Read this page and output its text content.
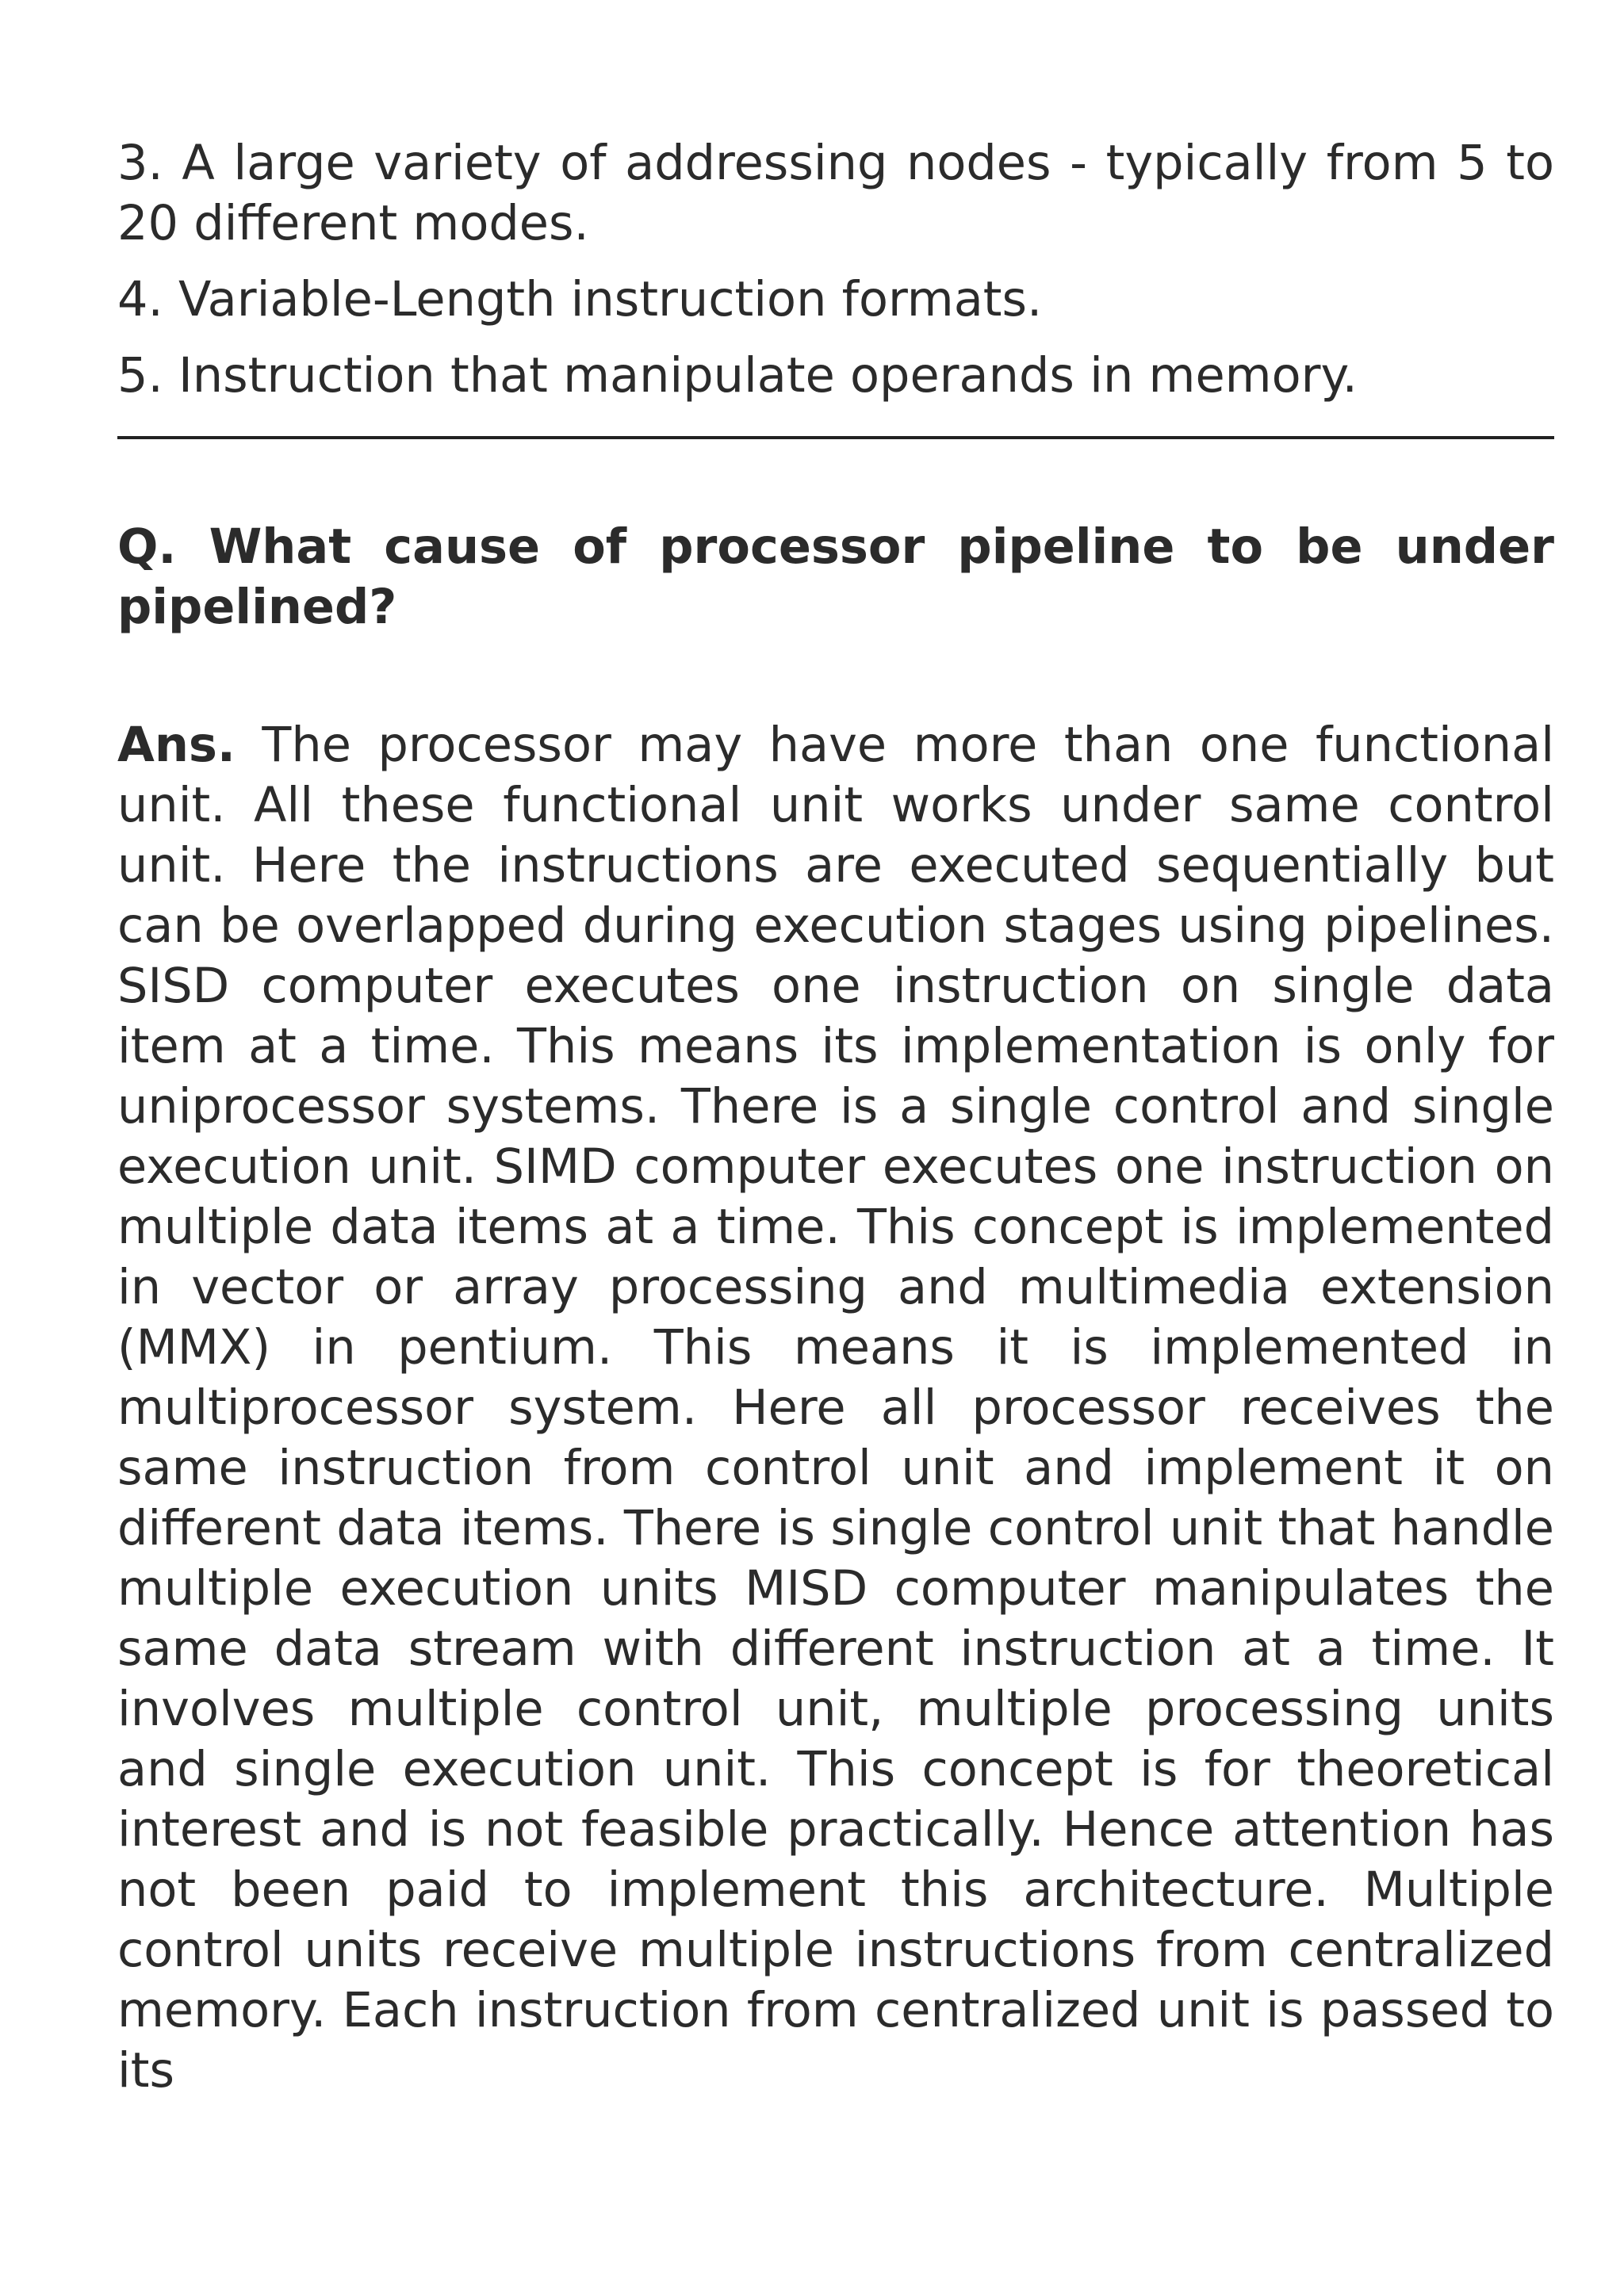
3. A large variety of addressing nodes - typically from 5 to 20 different modes.
4. Variable-Length instruction formats.
5. Instruction that manipulate operands in memory.
Q. What cause of processor pipeline to be under pipelined?
Ans. The processor may have more than one functional unit. All these functional unit works under same control unit. Here the instructions are executed sequentially but can be overlapped during execution stages using pipelines. SISD computer executes one instruction on single data item at a time. This means its implementation is only for uniprocessor systems. There is a single control and single execution unit. SIMD computer executes one instruction on multiple data items at a time. This concept is implemented in vector or array processing and multimedia extension (MMX) in pentium. This means it is implemented in multiprocessor system. Here all processor receives the same instruction from control unit and implement it on different data items. There is single control unit that handle multiple execution units MISD computer manipulates the same data stream with different instruction at a time. It involves multiple control unit, multiple processing units and single execution unit. This concept is for theoretical interest and is not feasible practically. Hence attention has not been paid to implement this architecture. Multiple control units receive multiple instructions from centralized memory. Each instruction from centralized unit is passed to its
